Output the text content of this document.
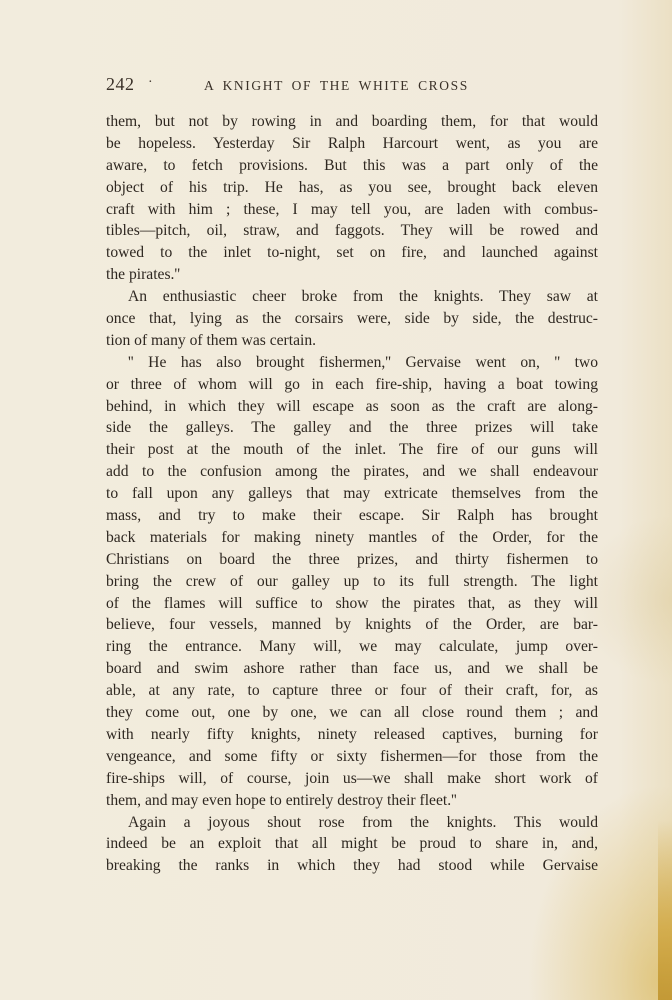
242 ·	A KNIGHT OF THE WHITE CROSS
them, but not by rowing in and boarding them, for that would
be hopeless. Yesterday Sir Ralph Harcourt went, as you are
aware, to fetch provisions. But this was a part only of the
object of his trip. He has, as you see, brought back eleven
craft with him ; these, I may tell you, are laden with combus-
tibles—pitch, oil, straw, and faggots. They will be rowed and
towed to the inlet to-night, set on fire, and launched against
the pirates.''
An enthusiastic cheer broke from the knights. They saw at
once that, lying as the corsairs were, side by side, the destruc-
tion of many of them was certain.
'' He has also brought fishermen,'' Gervaise went on, '' two
or three of whom will go in each fire-ship, having a boat towing
behind, in which they will escape as soon as the craft are along-
side the galleys. The galley and the three prizes will take
their post at the mouth of the inlet. The fire of our guns will
add to the confusion among the pirates, and we shall endeavour
to fall upon any galleys that may extricate themselves from the
mass, and try to make their escape. Sir Ralph has brought
back materials for making ninety mantles of the Order, for the
Christians on board the three prizes, and thirty fishermen to
bring the crew of our galley up to its full strength. The light
of the flames will suffice to show the pirates that, as they will
believe, four vessels, manned by knights of the Order, are bar-
ring the entrance. Many will, we may calculate, jump over-
board and swim ashore rather than face us, and we shall be
able, at any rate, to capture three or four of their craft, for, as
they come out, one by one, we can all close round them ; and
with nearly fifty knights, ninety released captives, burning for
vengeance, and some fifty or sixty fishermen—for those from the
fire-ships will, of course, join us—we shall make short work of
them, and may even hope to entirely destroy their fleet.''
Again a joyous shout rose from the knights. This would
indeed be an exploit that all might be proud to share in, and,
breaking the ranks in which they had stood while Gervaise
